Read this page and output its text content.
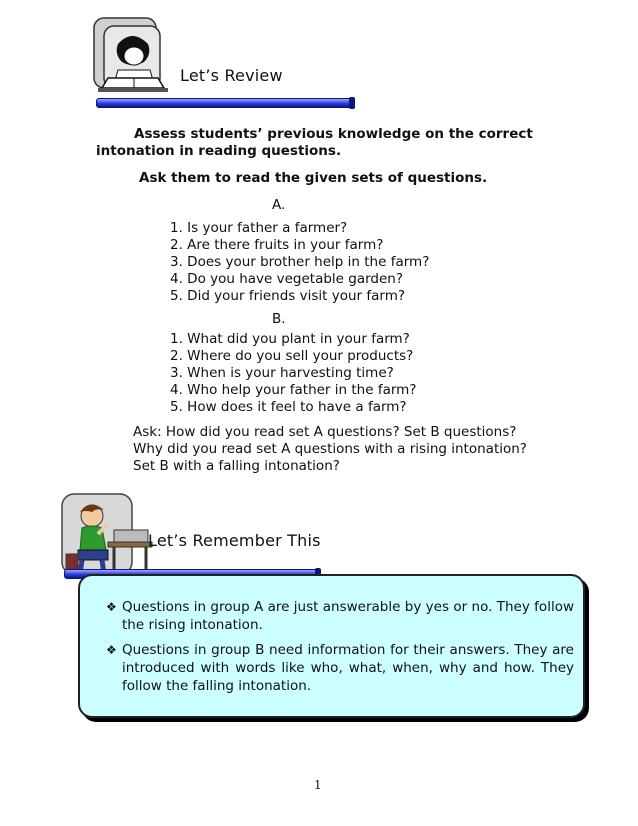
Let’s Review
Assess students’ previous knowledge on the correct
intonation in reading questions.
Ask them to read the given sets of questions.
A.
1. Is your father a farmer?
2. Are there fruits in your farm?
3. Does your brother help in the farm?
4. Do you have vegetable garden?
5. Did your friends visit your farm?
B.
1. What did you plant in your farm?
2. Where do you sell your products?
3. When is your harvesting time?
4. Who help your father in the farm?
5. How does it feel to have a farm?
Ask: How did you read set A questions? Set B questions?
Why did you read set A questions with a rising intonation?
Set B with a falling intonation?
Let’s Remember This
❖ Questions in group A are just answerable by yes or no. They follow the rising intonation.
❖ Questions in group B need information for their answers. They are introduced with words like who, what, when, why and how. They follow the falling intonation.
1
